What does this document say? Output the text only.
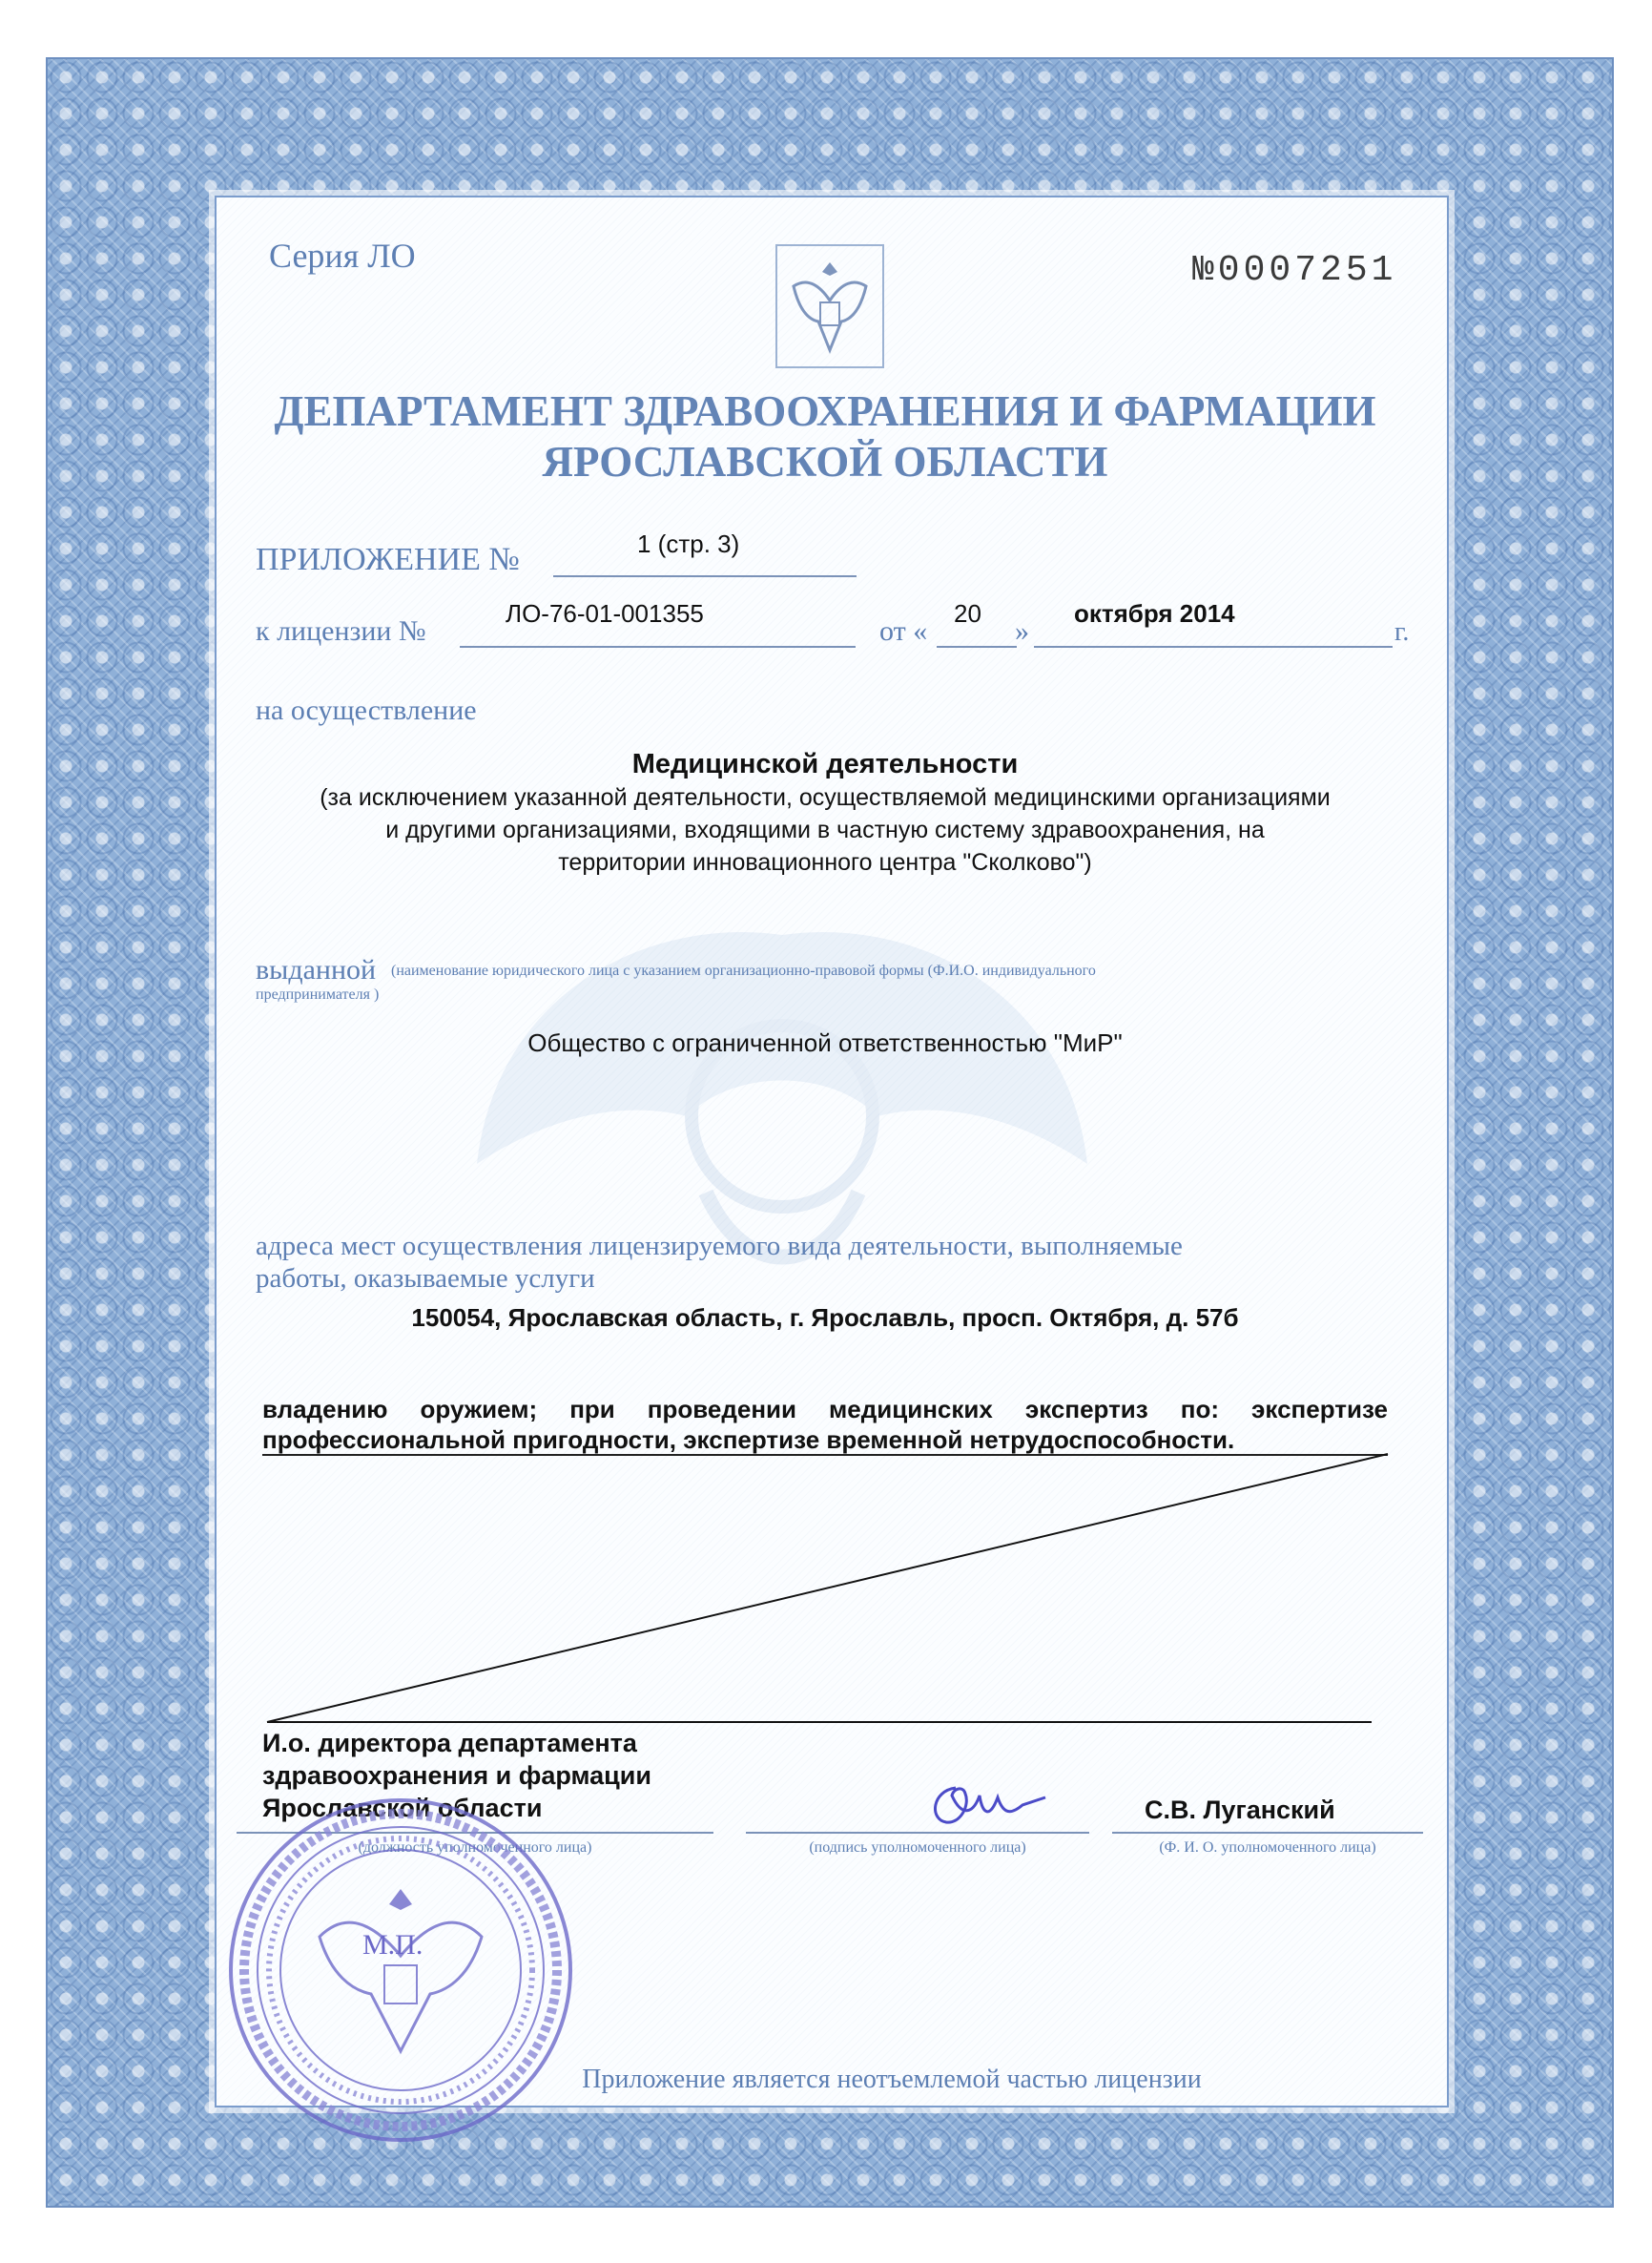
Серия ЛО	№0007251
ДЕПАРТАМЕНТ ЗДРАВООХРАНЕНИЯ И ФАРМАЦИИ
ЯРОСЛАВСКОЙ ОБЛАСТИ
ПРИЛОЖЕНИЕ №	1 (стр. 3)
к лицензии №
ЛО-76-01-001355
от «
20
»
октября 2014
г.
на осуществление
Медицинской деятельности
(за исключением указанной деятельности, осуществляемой медицинскими организациями
и другими организациями, входящими в частную систему здравоохранения, на
территории инновационного центра "Сколково")
выданной (наименование юридического лица с указанием организационно-правовой формы (Ф.И.О. индивидуального
предпринимателя )
Общество с ограниченной ответственностью "МиР"
адреса мест осуществления лицензируемого вида деятельности, выполняемые
работы, оказываемые услуги
150054, Ярославская область, г. Ярославль, просп. Октября, д. 57б
владению оружием; при проведении медицинских экспертиз по: экспертизе
профессиональной пригодности, экспертизе временной нетрудоспособности.
И.о. директора департамента
здравоохранения и фармации
Ярославской области
(должность уполномоченного лица)	(подпись уполномоченного лица)	(Ф. И. О. уполномоченного лица)
С.В. Луганский
М.П.
Приложение является неотъемлемой частью лицензии
